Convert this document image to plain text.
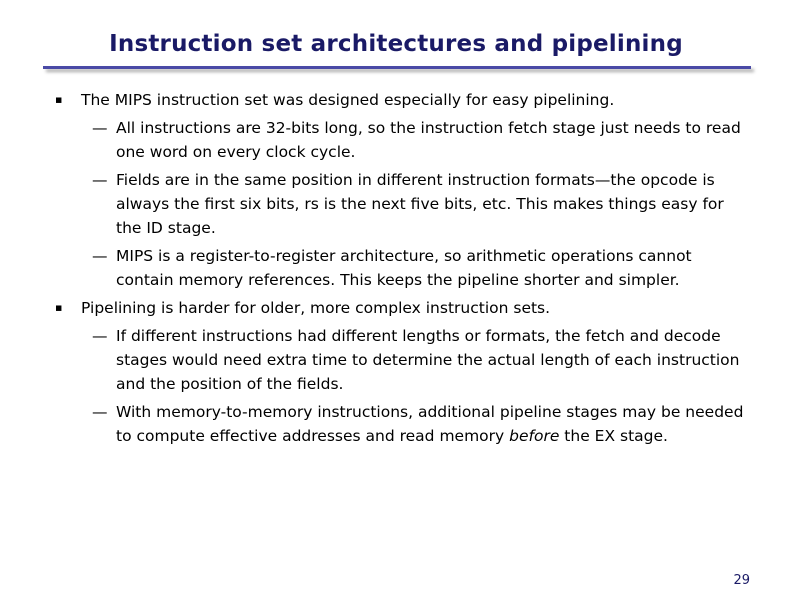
Instruction set architectures and pipelining
▪ The MIPS instruction set was designed especially for easy pipelining.
— All instructions are 32-bits long, so the instruction fetch stage just needs to read one word on every clock cycle.
— Fields are in the same position in different instruction formats—the opcode is always the first six bits, rs is the next five bits, etc. This makes things easy for the ID stage.
— MIPS is a register-to-register architecture, so arithmetic operations cannot contain memory references. This keeps the pipeline shorter and simpler.
▪ Pipelining is harder for older, more complex instruction sets.
— If different instructions had different lengths or formats, the fetch and decode stages would need extra time to determine the actual length of each instruction and the position of the fields.
— With memory-to-memory instructions, additional pipeline stages may be needed to compute effective addresses and read memory before the EX stage.
29
